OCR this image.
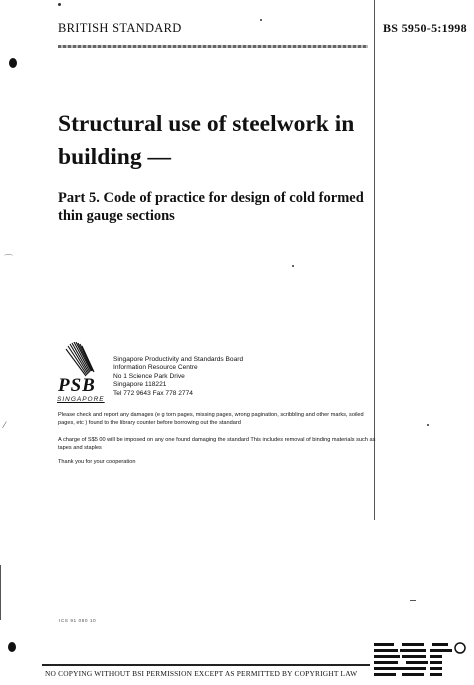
⌒
⁄
BRITISH STANDARD	BS 5950-5:1998
Structural use of steelwork in building —
Part 5. Code of practice for design of cold formed thin gauge sections
PSB
SINGAPORE
Singapore Productivity and Standards Board
Information Resource Centre
No 1 Science Park Drive
Singapore 118221
Tel 772 9643 Fax 778 2774

Please check and report any damages (e g torn pages, missing pages, wrong pagination, scribbling and other marks, soiled pages, etc ) found to the library counter before borrowing out the standard

A charge of S$5 00 will be imposed on any one found damaging the standard This includes removal of binding materials such as tapes and staples

Thank you for your cooperation

ICS 91 080 10
NO COPYING WITHOUT BSI PERMISSION EXCEPT AS PERMITTED BY COPYRIGHT LAW
